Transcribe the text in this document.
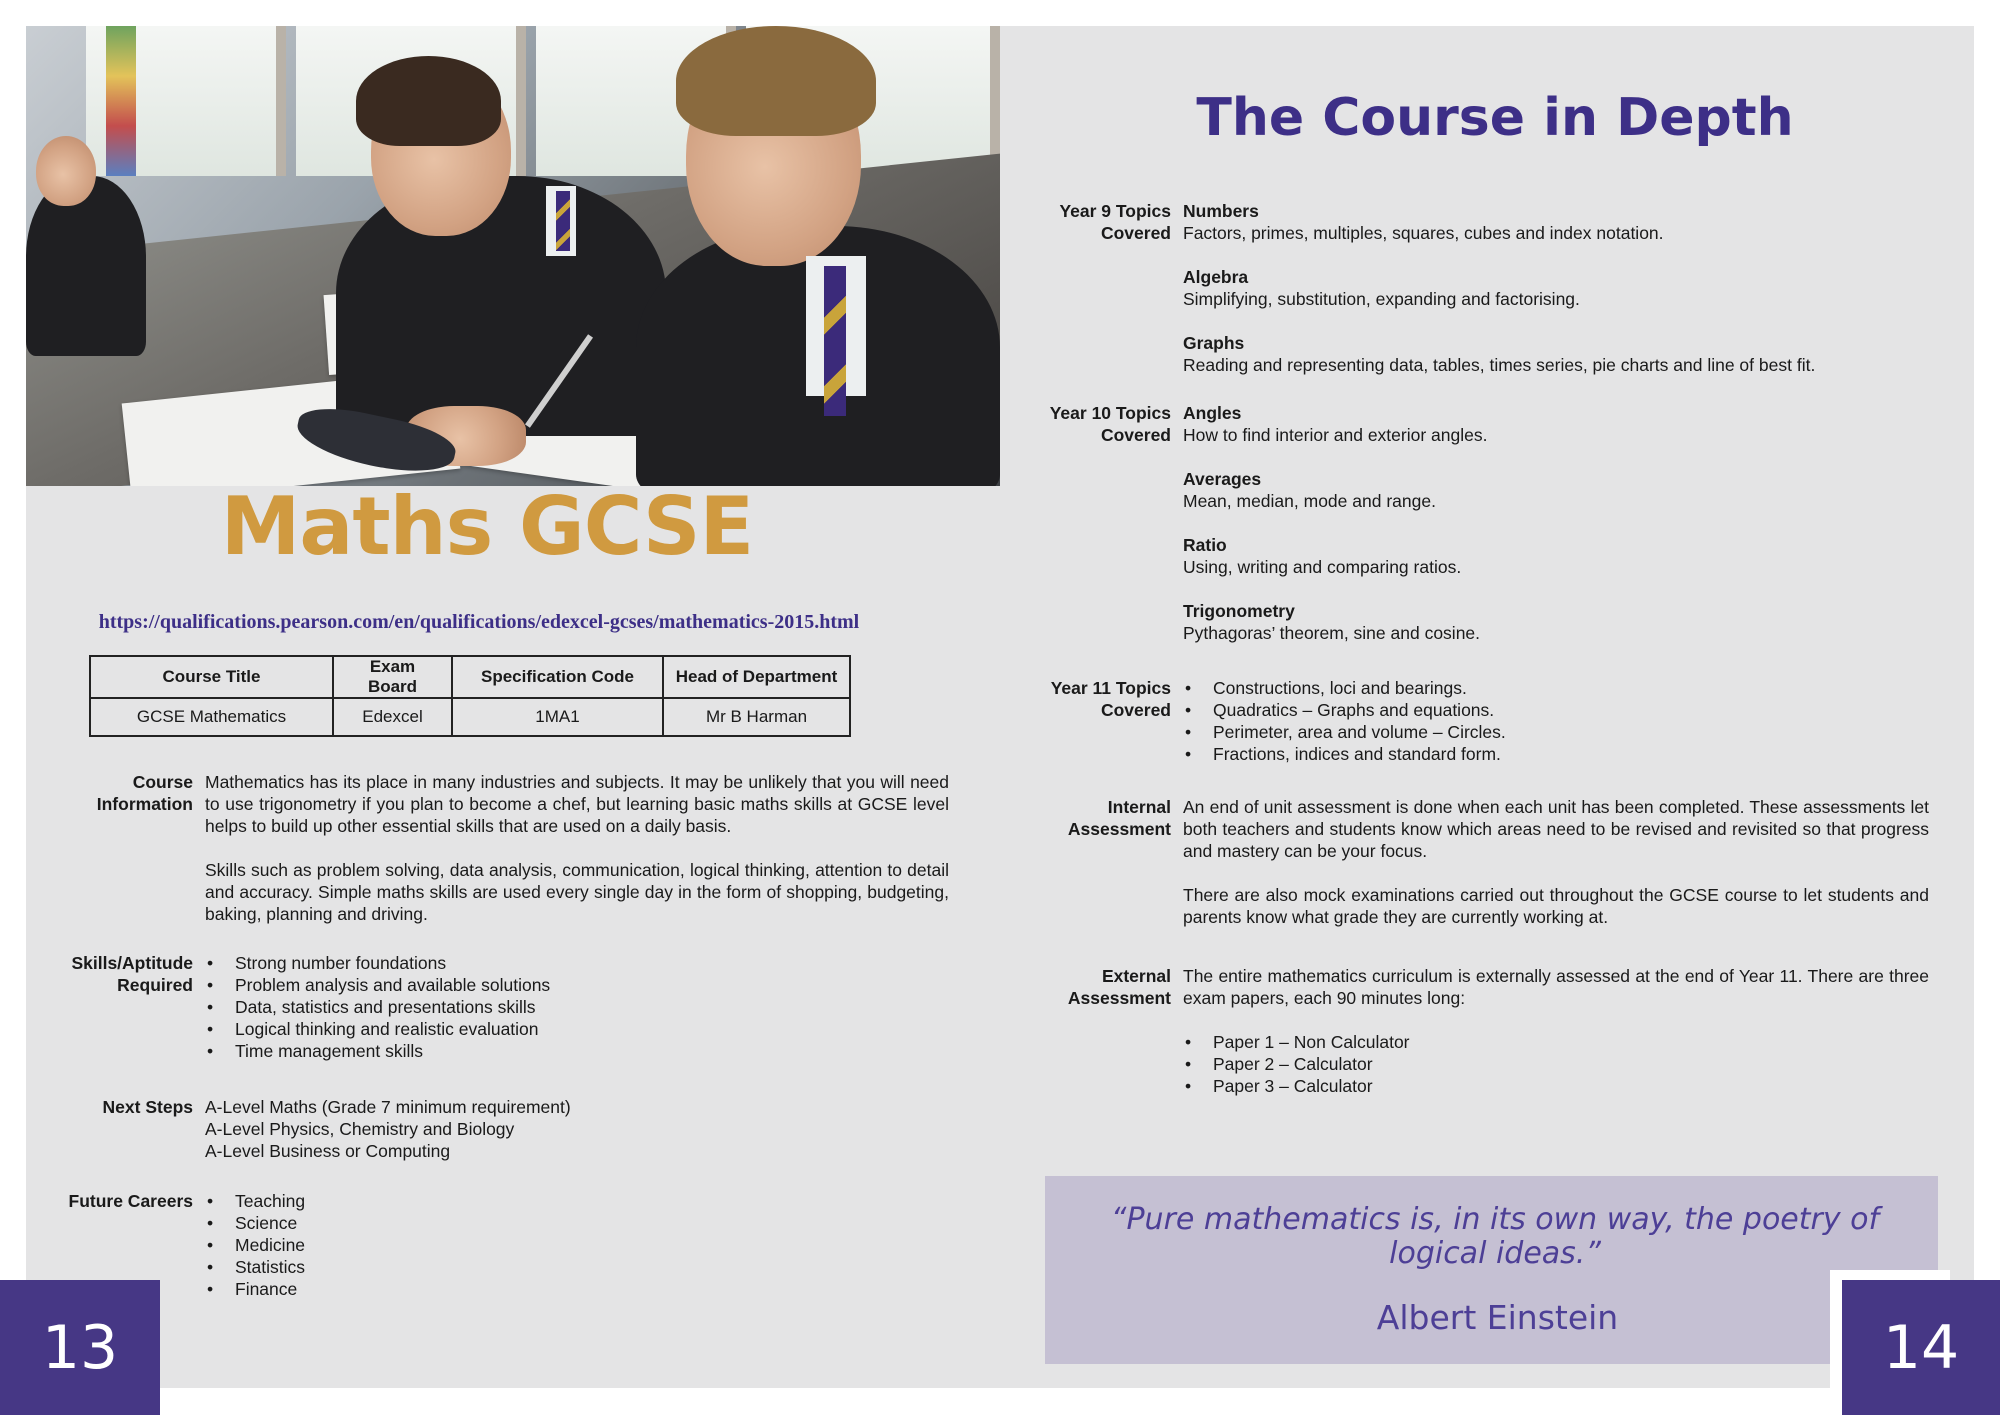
Maths GCSE
https://qualifications.pearson.com/en/qualifications/edexcel-gcses/mathematics-2015.html
Course Title	Exam Board	Specification Code	Head of Department
GCSE Mathematics	Edexcel	1MA1	Mr B Harman
Course
Information

Mathematics has its place in many industries and subjects. It may be unlikely that you will need to use trigonometry if you plan to become a chef, but learning basic maths skills at GCSE level helps to build up other essential skills that are used on a daily basis.

Skills such as problem solving, data analysis, communication, logical thinking, attention to detail and accuracy. Simple maths skills are used every single day in the form of shopping, budgeting, baking, planning and driving.

Skills/Aptitude
Required
• Strong number foundations
• Problem analysis and available solutions
• Data, statistics and presentations skills
• Logical thinking and realistic evaluation
• Time management skills
Next Steps A-Level Maths (Grade 7 minimum requirement)
A-Level Physics, Chemistry and Biology
A-Level Business or Computing
Future Careers	• Teaching
• Science
• Medicine
• Statistics
• Finance
The Course in Depth
Year 9 Topics
Covered
Numbers
Factors, primes, multiples, squares, cubes and index notation.
Algebra
Simplifying, substitution, expanding and factorising.
Graphs
Reading and representing data, tables, times series, pie charts and line of best fit.
Year 10 Topics
Covered
Angles
How to find interior and exterior angles.
Averages
Mean, median, mode and range.
Ratio
Using, writing and comparing ratios.
Trigonometry
Pythagoras’ theorem, sine and cosine.
Year 11 Topics
Covered
• Constructions, loci and bearings.
• Quadratics – Graphs and equations.
• Perimeter, area and volume – Circles.
• Fractions, indices and standard form.
Internal
Assessment

An end of unit assessment is done when each unit has been completed. These assessments let both teachers and students know which areas need to be revised and revisited so that progress and mastery can be your focus.

There are also mock examinations carried out throughout the GCSE course to let students and parents know what grade they are currently working at.

External
Assessment

The entire mathematics curriculum is externally assessed at the end of Year 11. There are three exam papers, each 90 minutes long:

• Paper 1 – Non Calculator
• Paper 2 – Calculator
• Paper 3 – Calculator
“Pure mathematics is, in its own way, the poetry of logical ideas.”
Albert Einstein
13	14
